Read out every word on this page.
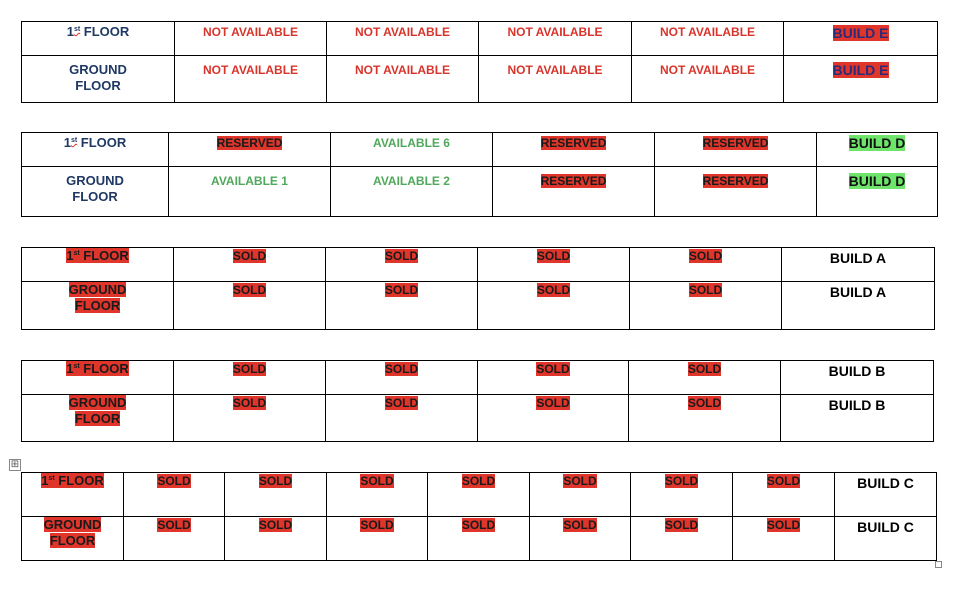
1st FLOOR	NOT AVAILABLE	NOT AVAILABLE	NOT AVAILABLE	NOT AVAILABLE	BUILD E
GROUND
FLOOR	NOT AVAILABLE	NOT AVAILABLE	NOT AVAILABLE	NOT AVAILABLE	BUILD E
1st FLOOR	RESERVED	AVAILABLE 6	RESERVED	RESERVED	BUILD D
GROUND
FLOOR	AVAILABLE 1	AVAILABLE 2	RESERVED	RESERVED	BUILD D
1st FLOOR	SOLD	SOLD	SOLD	SOLD	BUILD A
GROUND
FLOOR	SOLD	SOLD	SOLD	SOLD	BUILD A
1st FLOOR	SOLD	SOLD	SOLD	SOLD	BUILD B
GROUND
FLOOR	SOLD	SOLD	SOLD	SOLD	BUILD B
⊞
1st FLOOR	SOLD	SOLD	SOLD	SOLD	SOLD	SOLD	SOLD	BUILD C
GROUND
FLOOR	SOLD	SOLD	SOLD	SOLD	SOLD	SOLD	SOLD	BUILD C
